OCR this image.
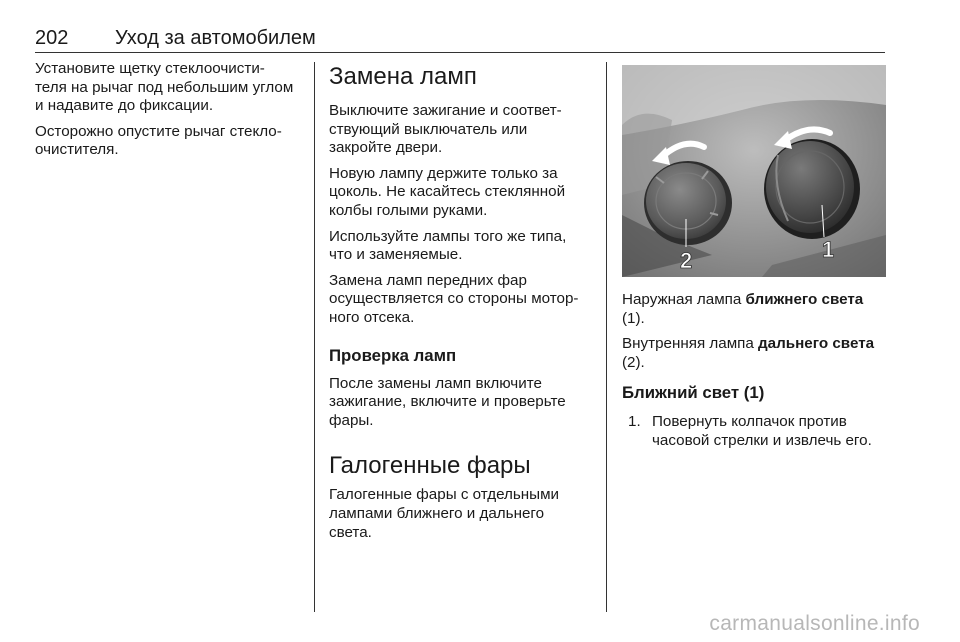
202 Уход за автомобилем

Установите щетку стеклоочисти-теля на рычаг под небольшим углом и надавите до фиксации.

Осторожно опустите рычаг стекло-очистителя.

Замена ламп

Выключите зажигание и соответ-ствующий выключатель или закройте двери.

Новую лампу держите только за цоколь. Не касайтесь стеклянной колбы голыми руками.

Используйте лампы того же типа, что и заменяемые.

Замена ламп передних фар осуществляется со стороны мотор-ного отсека.

Проверка ламп

После замены ламп включите зажигание, включите и проверьте фары.

Галогенные фары

Галогенные фары с отдельными лампами ближнего и дальнего света.

2	1

Наружная лампа ближнего света
(1).

Внутренняя лампа дальнего света
(2).

Ближний свет (1)

1. Повернуть колпачок против часовой стрелки и извлечь его.

carmanualsonline.info
